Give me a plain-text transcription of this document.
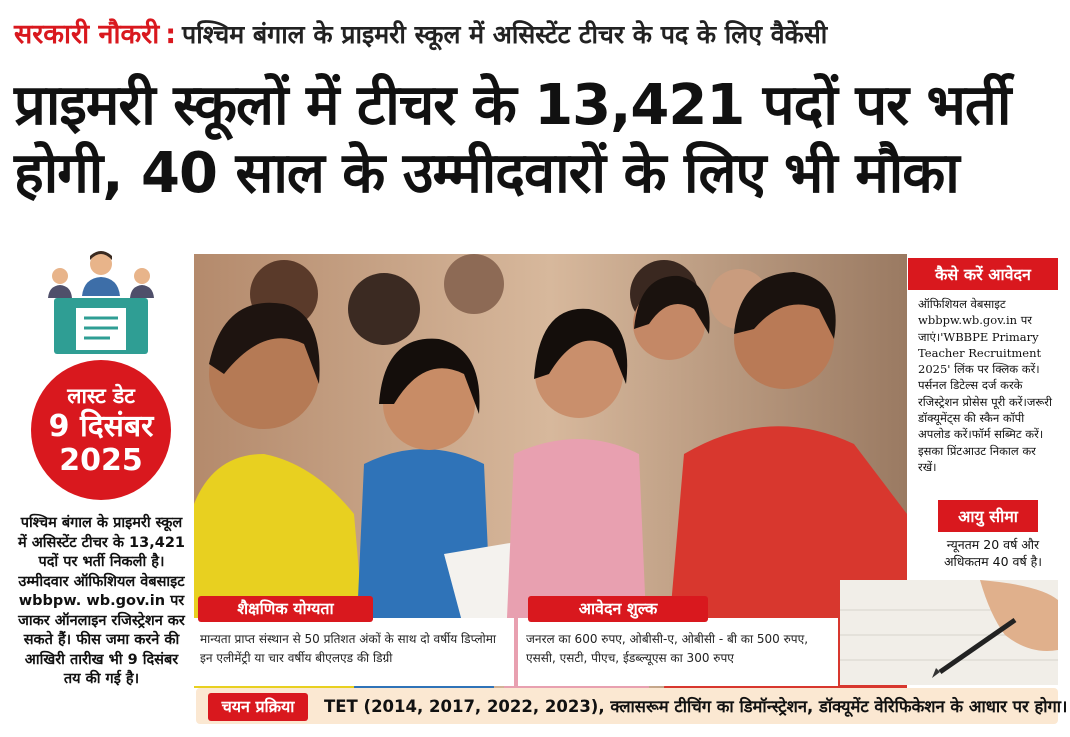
सरकारी नौकरी : पश्चिम बंगाल के प्राइमरी स्कूल में असिस्टेंट टीचर के पद के लिए वैकेंसी
प्राइमरी स्कूलों में टीचर के 13,421 पदों पर भर्ती
होगी, 40 साल के उम्मीदवारों के लिए भी मौका
लास्ट डेट
9 दिसंबर
2025
पश्चिम बंगाल के प्राइमरी स्कूल में असिस्टेंट टीचर के 13,421 पदों पर भर्ती निकली है। उम्मीदवार ऑफिशियल वेबसाइट wbbpw. wb.gov.in पर जाकर ऑनलाइन रजिस्ट्रेशन कर सकते हैं। फीस जमा करने की आखिरी तारीख भी 9 दिसंबर तय की गई है।
कैसे करें आवेदन
ऑफिशियल वेबसाइट wbbpw.wb.gov.in पर जाएं।'WBBPE Primary Teacher Recruitment 2025' लिंक पर क्लिक करें।पर्सनल डिटेल्स दर्ज करके रजिस्ट्रेशन प्रोसेस पूरी करें।जरूरी डॉक्यूमेंट्स की स्कैन कॉपी अपलोड करें।फॉर्म सब्मिट करें। इसका प्रिंटआउट निकाल कर रखें।
आयु सीमा
न्यूनतम 20 वर्ष और अधिकतम 40 वर्ष है।
शैक्षणिक योग्यता
मान्यता प्राप्त संस्थान से 50 प्रतिशत अंकों के साथ दो वर्षीय डिप्लोमा इन एलीमेंट्री या चार वर्षीय बीएलएड की डिग्री
आवेदन शुल्क
जनरल का 600 रुपए, ओबीसी-ए, ओबीसी - बी का 500 रुपए, एससी, एसटी, पीएच, ईडब्ल्यूएस का 300 रुपए
चयन प्रक्रिया	TET (2014, 2017, 2022, 2023), क्लासरूम टीचिंग का डिमॉन्स्ट्रेशन, डॉक्यूमेंट वेरिफिकेशन के आधार पर होगा।
